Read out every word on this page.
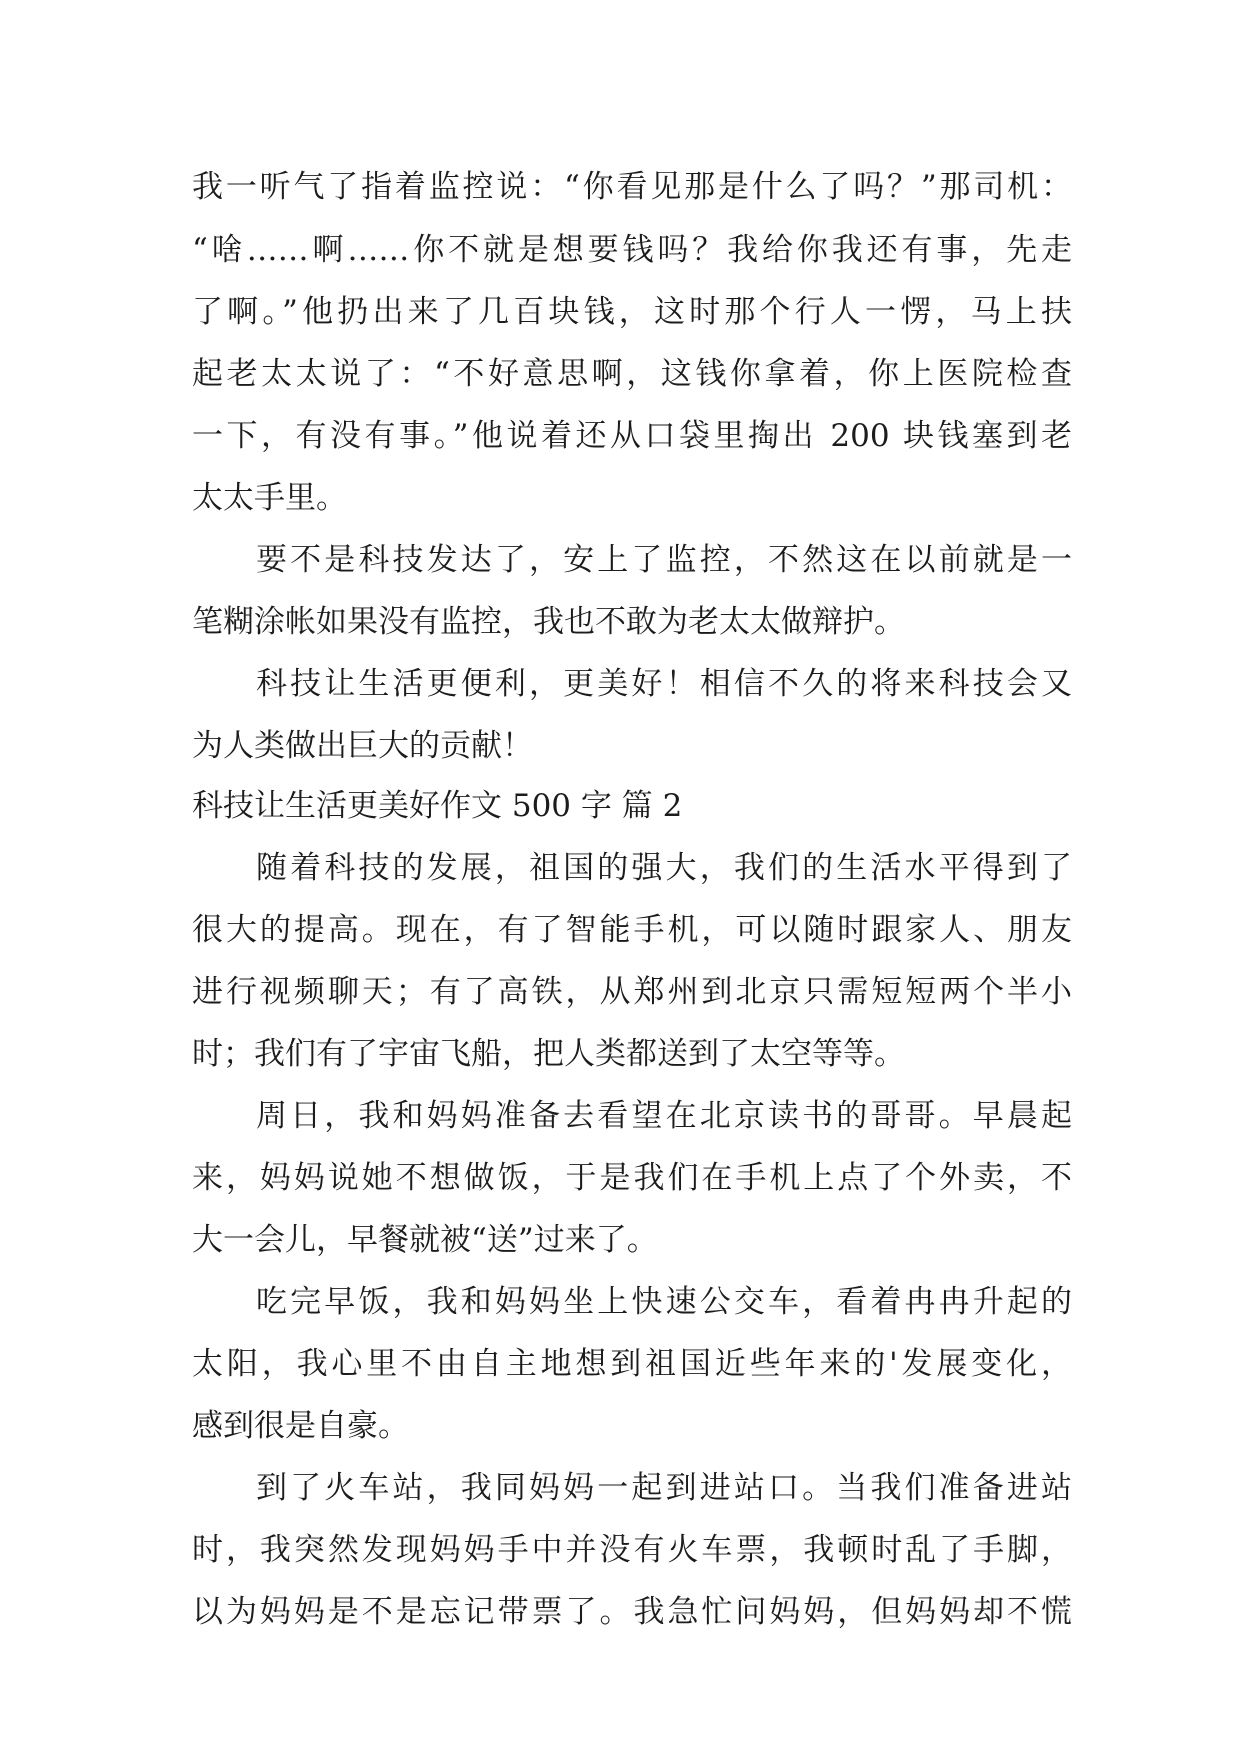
我一听气了指着监控说：“你看见那是什么了吗？”那司机：
“啥……啊……你不就是想要钱吗？我给你我还有事，先走
了啊。”他扔出来了几百块钱，这时那个行人一愣，马上扶
起老太太说了：“不好意思啊，这钱你拿着，你上医院检查
一下，有没有事。”他说着还从口袋里掏出 200 块钱塞到老
太太手里。
要不是科技发达了，安上了监控，不然这在以前就是一
笔糊涂帐如果没有监控，我也不敢为老太太做辩护。
科技让生活更便利，更美好！相信不久的将来科技会又
为人类做出巨大的贡献！
科技让生活更美好作文 500 字 篇 2
随着科技的发展，祖国的强大，我们的生活水平得到了
很大的提高。现在，有了智能手机，可以随时跟家人、朋友
进行视频聊天；有了高铁，从郑州到北京只需短短两个半小
时；我们有了宇宙飞船，把人类都送到了太空等等。
周日，我和妈妈准备去看望在北京读书的哥哥。早晨起
来，妈妈说她不想做饭，于是我们在手机上点了个外卖，不
大一会儿，早餐就被“送”过来了。
吃完早饭，我和妈妈坐上快速公交车，看着冉冉升起的
太阳，我心里不由自主地想到祖国近些年来的'发展变化，
感到很是自豪。
到了火车站，我同妈妈一起到进站口。当我们准备进站
时，我突然发现妈妈手中并没有火车票，我顿时乱了手脚，
以为妈妈是不是忘记带票了。我急忙问妈妈，但妈妈却不慌
